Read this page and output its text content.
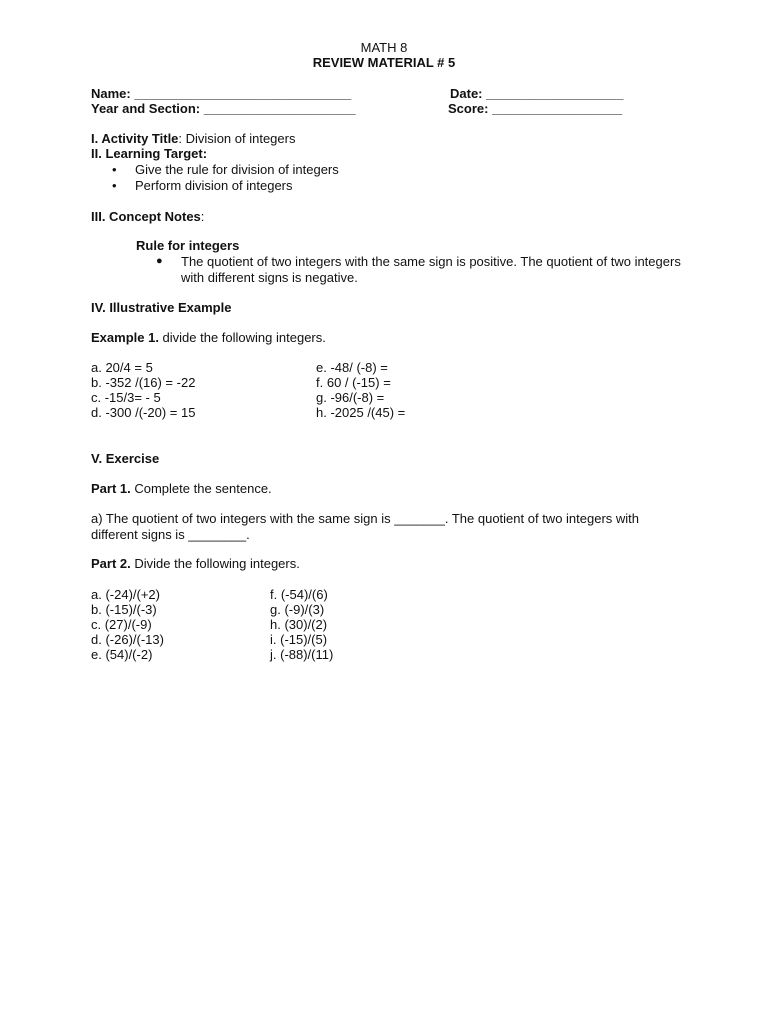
MATH 8
REVIEW MATERIAL # 5
Name: ______________________________	Date: ___________________
Year and Section: _____________________	Score: __________________
I. Activity Title: Division of integers
II. Learning Target:
• Give the rule for division of integers
• Perform division of integers
III. Concept Notes:
Rule for integers
● The quotient of two integers with the same sign is positive. The quotient of two integers with different signs is negative.
IV. Illustrative Example
Example 1. divide the following integers.
a. 20/4 = 5
b. -352 /(16) = -22
c. -15/3= - 5
d. -300 /(-20) = 15
e. -48/ (-8) =
f. 60 / (-15) =
g. -96/(-8) =
h. -2025 /(45) =
V. Exercise
Part 1. Complete the sentence.
a) The quotient of two integers with the same sign is _______. The quotient of two integers with different signs is ________.
Part 2. Divide the following integers.
a. (-24)/(+2)
b. (-15)/(-3)
c. (27)/(-9)
d. (-26)/(-13)
e. (54)/(-2)
f. (-54)/(6)
g. (-9)/(3)
h. (30)/(2)
i. (-15)/(5)
j. (-88)/(11)
